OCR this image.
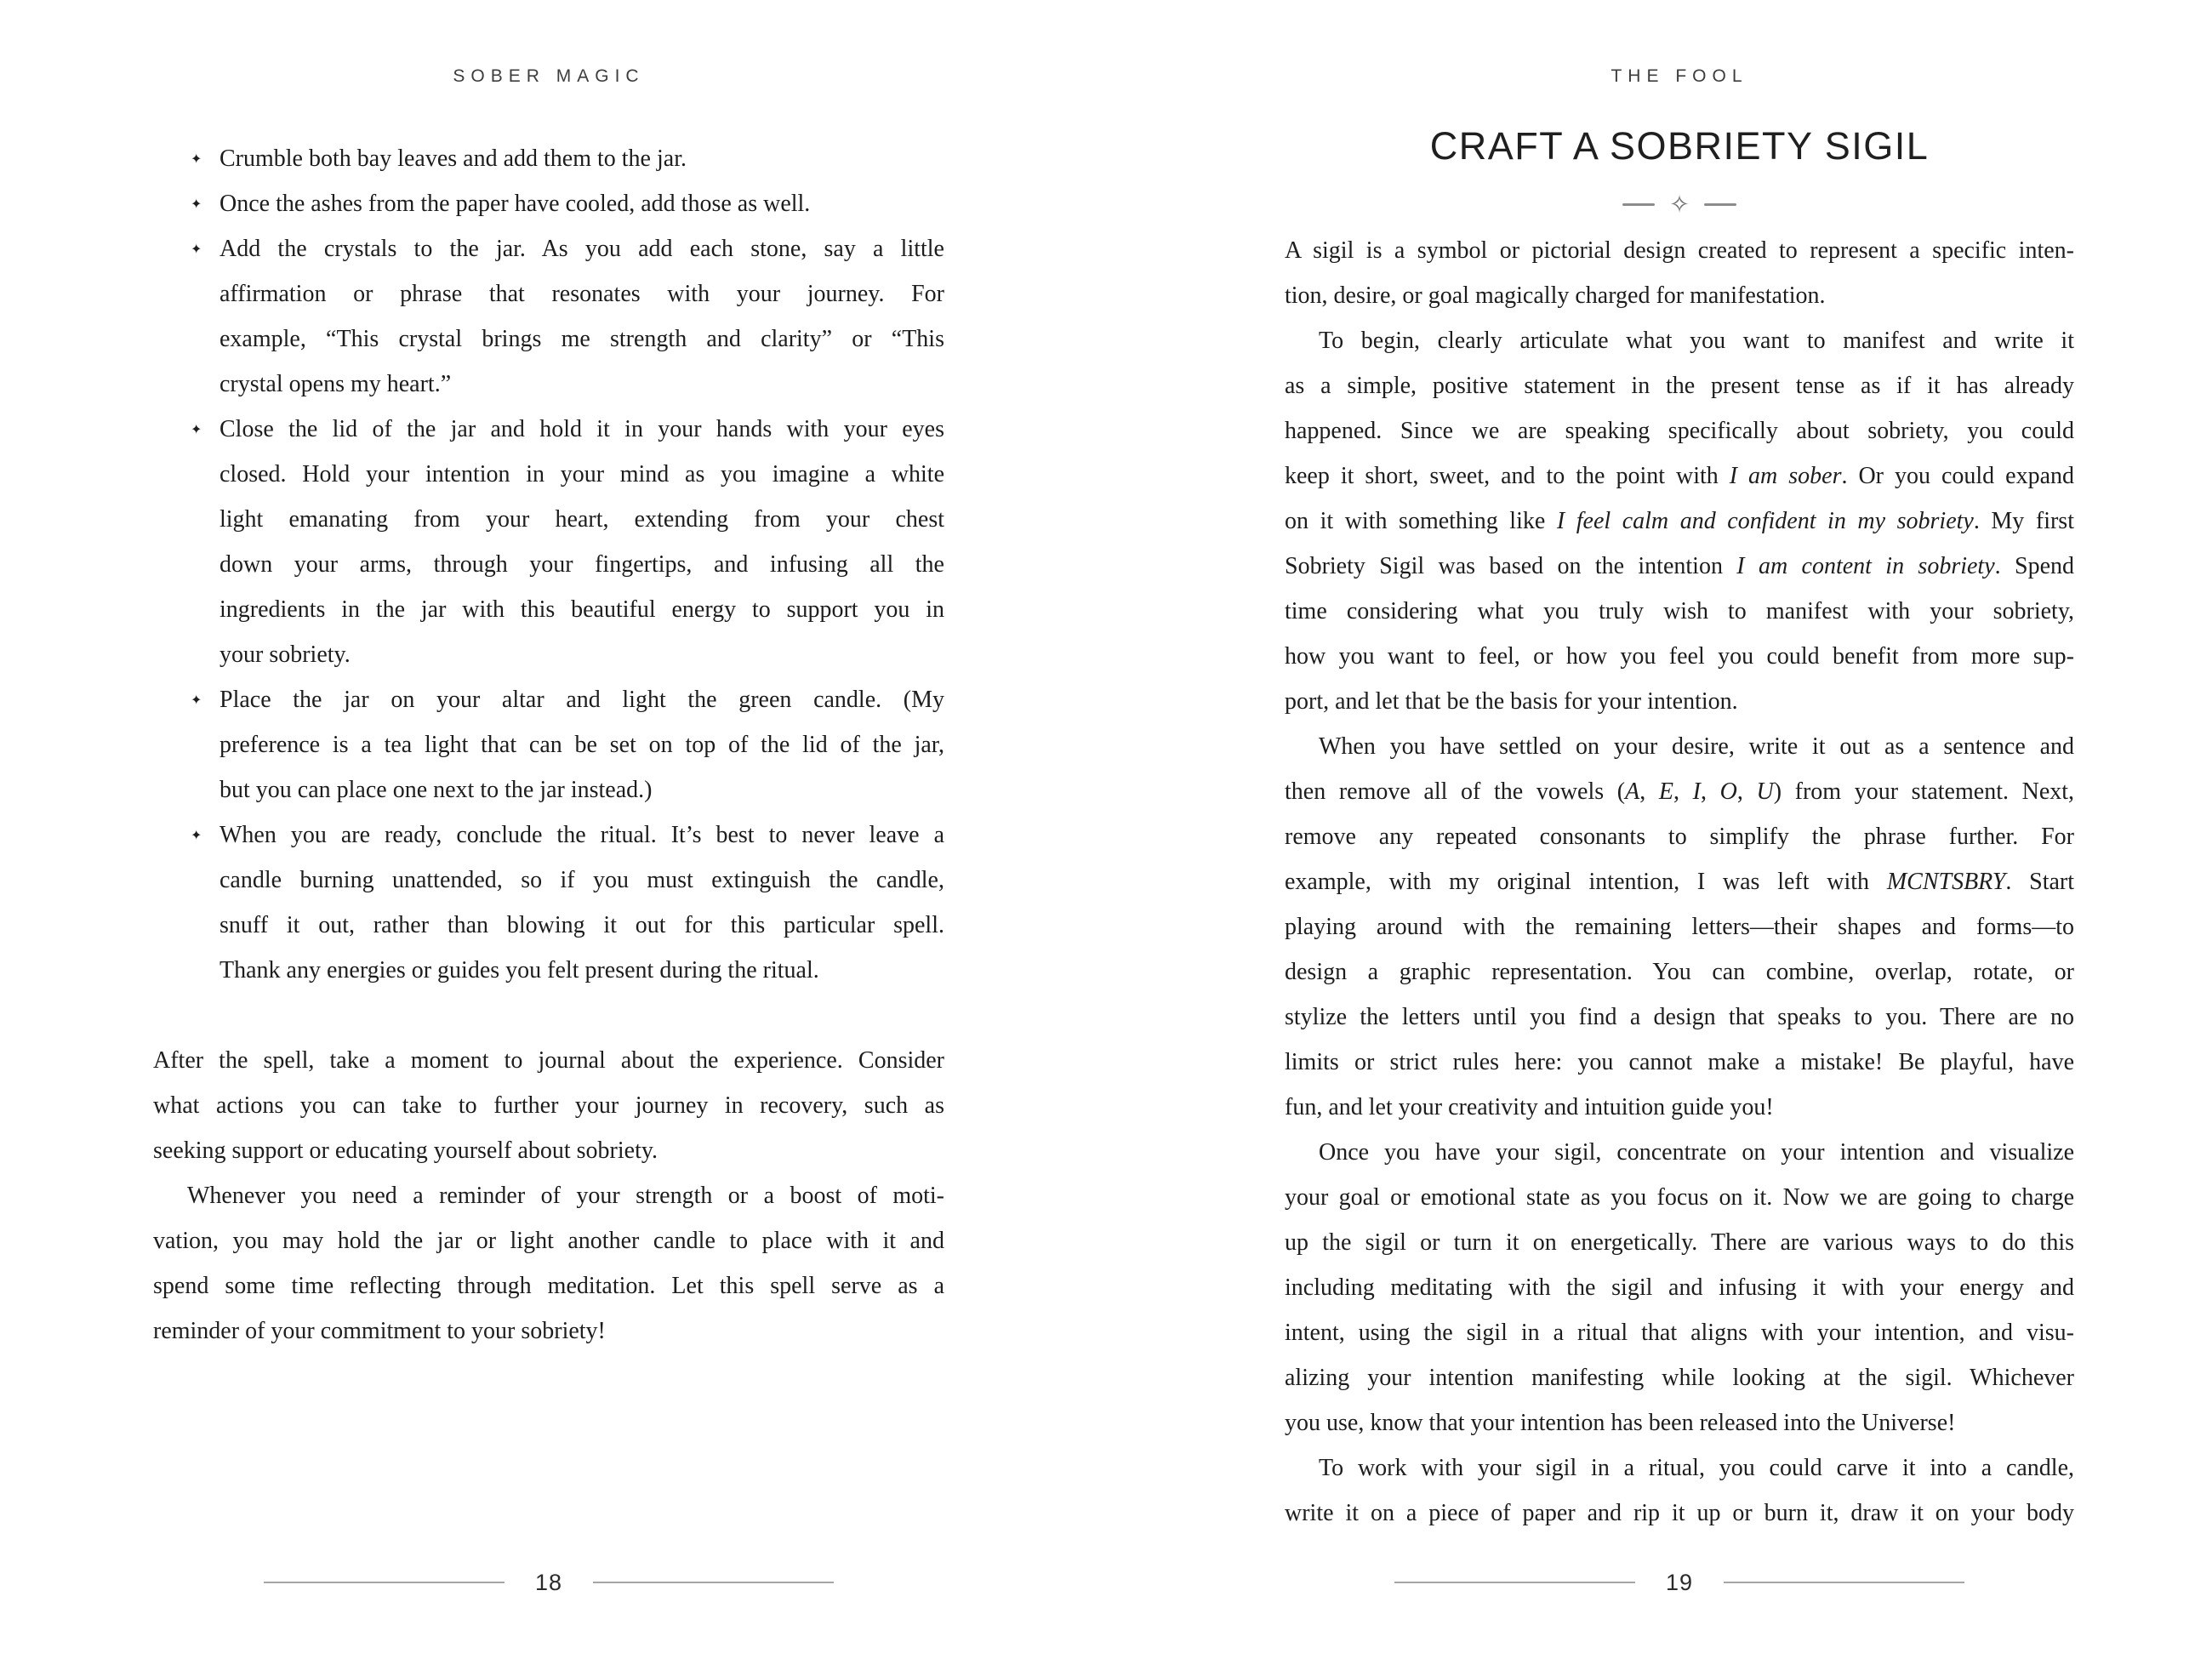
SOBER MAGIC
✦ Crumble both bay leaves and add them to the jar.
✦ Once the ashes from the paper have cooled, add those as well.
✦ Add the crystals to the jar. As you add each stone, say a little
affirmation or phrase that resonates with your journey. For
example, “This crystal brings me strength and clarity” or “This
crystal opens my heart.”
✦ Close the lid of the jar and hold it in your hands with your eyes
closed. Hold your intention in your mind as you imagine a white
light emanating from your heart, extending from your chest
down your arms, through your fingertips, and infusing all the
ingredients in the jar with this beautiful energy to support you in
your sobriety.
✦ Place the jar on your altar and light the green candle. (My
preference is a tea light that can be set on top of the lid of the jar,
but you can place one next to the jar instead.)
✦ When you are ready, conclude the ritual. It’s best to never leave a
candle burning unattended, so if you must extinguish the candle,
snuff it out, rather than blowing it out for this particular spell.
Thank any energies or guides you felt present during the ritual.
After the spell, take a moment to journal about the experience. Consider
what actions you can take to further your journey in recovery, such as
seeking support or educating yourself about sobriety.
Whenever you need a reminder of your strength or a boost of moti-
vation, you may hold the jar or light another candle to place with it and
spend some time reflecting through meditation. Let this spell serve as a
reminder of your commitment to your sobriety!
18
THE FOOL
CRAFT A SOBRIETY SIGIL
✧
A sigil is a symbol or pictorial design created to represent a specific inten-
tion, desire, or goal magically charged for manifestation.
To begin, clearly articulate what you want to manifest and write it
as a simple, positive statement in the present tense as if it has already
happened. Since we are speaking specifically about sobriety, you could
keep it short, sweet, and to the point with I am sober. Or you could expand
on it with something like I feel calm and confident in my sobriety. My first
Sobriety Sigil was based on the intention I am content in sobriety. Spend
time considering what you truly wish to manifest with your sobriety,
how you want to feel, or how you feel you could benefit from more sup-
port, and let that be the basis for your intention.
When you have settled on your desire, write it out as a sentence and
then remove all of the vowels (A, E, I, O, U) from your statement. Next,
remove any repeated consonants to simplify the phrase further. For
example, with my original intention, I was left with MCNTSBRY. Start
playing around with the remaining letters—their shapes and forms—to
design a graphic representation. You can combine, overlap, rotate, or
stylize the letters until you find a design that speaks to you. There are no
limits or strict rules here: you cannot make a mistake! Be playful, have
fun, and let your creativity and intuition guide you!
Once you have your sigil, concentrate on your intention and visualize
your goal or emotional state as you focus on it. Now we are going to charge
up the sigil or turn it on energetically. There are various ways to do this
including meditating with the sigil and infusing it with your energy and
intent, using the sigil in a ritual that aligns with your intention, and visu-
alizing your intention manifesting while looking at the sigil. Whichever
you use, know that your intention has been released into the Universe!
To work with your sigil in a ritual, you could carve it into a candle,
write it on a piece of paper and rip it up or burn it, draw it on your body
19
